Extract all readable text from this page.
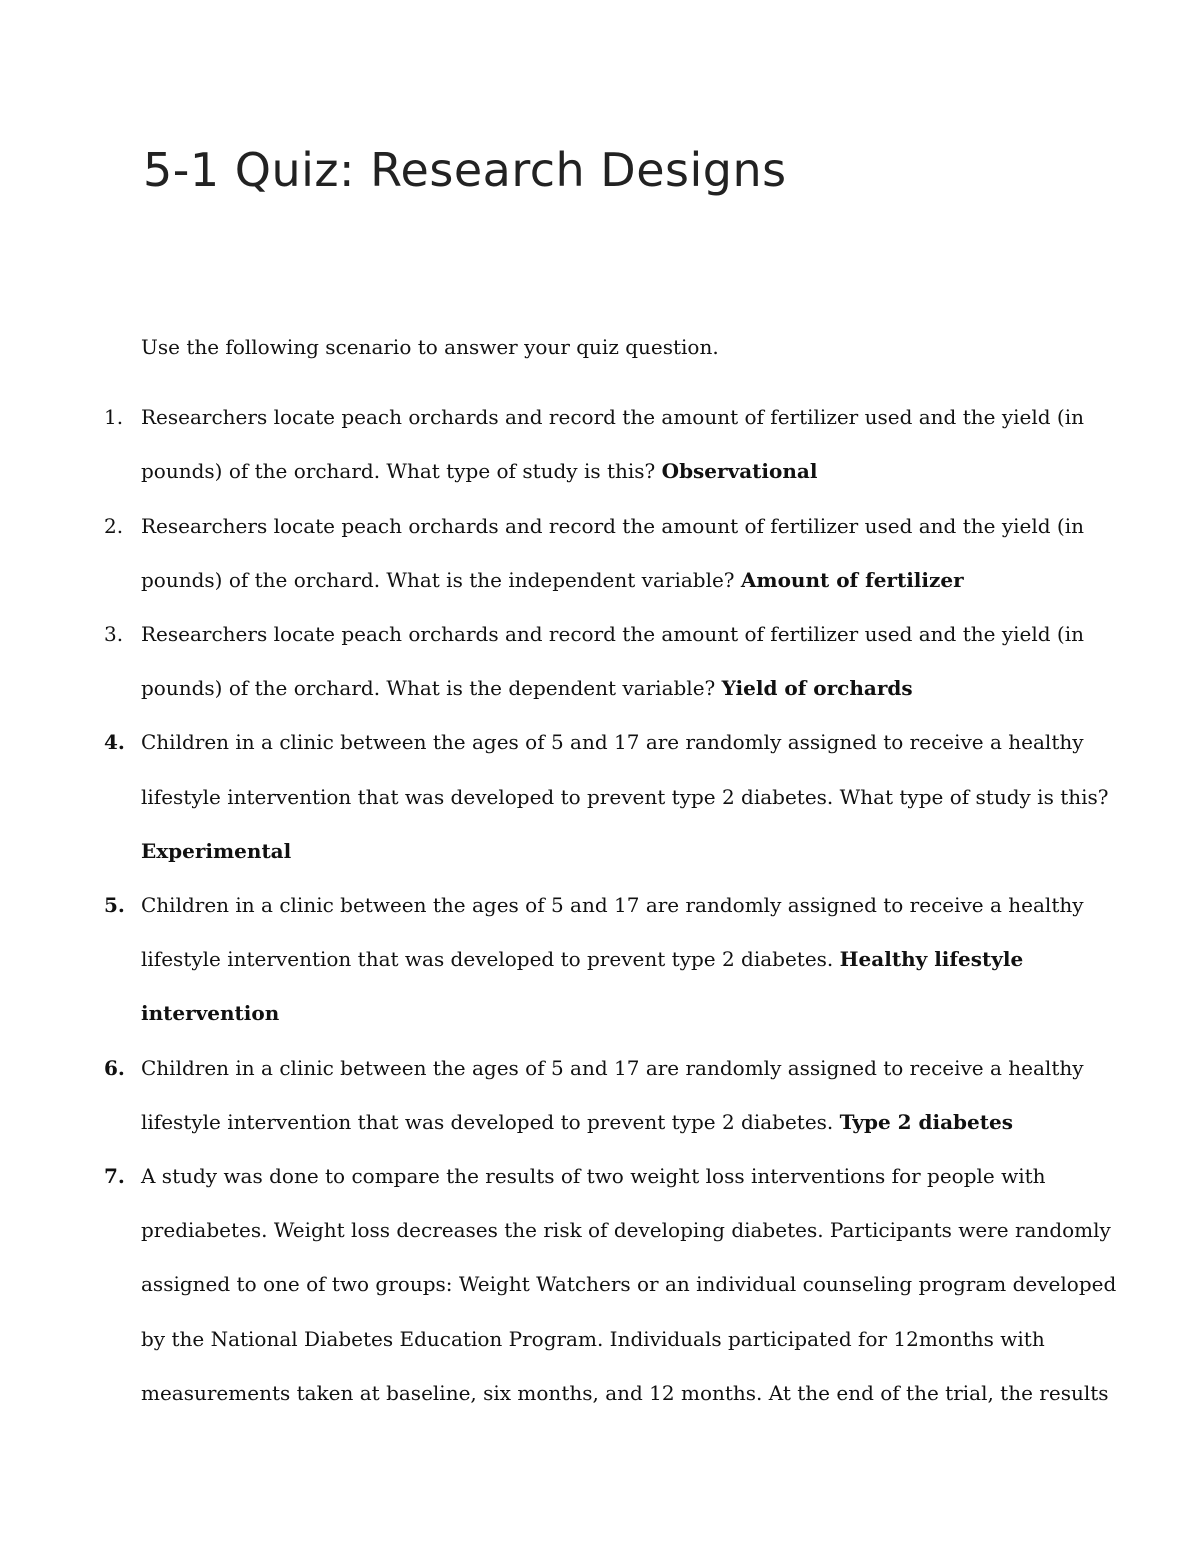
5-1 Quiz: Research Designs

Use the following scenario to answer your quiz question.

1. Researchers locate peach orchards and record the amount of fertilizer used and the yield (in
pounds) of the orchard. What type of study is this? Observational
2. Researchers locate peach orchards and record the amount of fertilizer used and the yield (in
pounds) of the orchard. What is the independent variable? Amount of fertilizer
3. Researchers locate peach orchards and record the amount of fertilizer used and the yield (in
pounds) of the orchard. What is the dependent variable? Yield of orchards
4. Children in a clinic between the ages of 5 and 17 are randomly assigned to receive a healthy
lifestyle intervention that was developed to prevent type 2 diabetes. What type of study is this?
Experimental
5. Children in a clinic between the ages of 5 and 17 are randomly assigned to receive a healthy
lifestyle intervention that was developed to prevent type 2 diabetes. Healthy lifestyle
intervention
6. Children in a clinic between the ages of 5 and 17 are randomly assigned to receive a healthy
lifestyle intervention that was developed to prevent type 2 diabetes. Type 2 diabetes
7. A study was done to compare the results of two weight loss interventions for people with
prediabetes. Weight loss decreases the risk of developing diabetes. Participants were randomly
assigned to one of two groups: Weight Watchers or an individual counseling program developed
by the National Diabetes Education Program. Individuals participated for 12months with
measurements taken at baseline, six months, and 12 months. At the end of the trial, the results
